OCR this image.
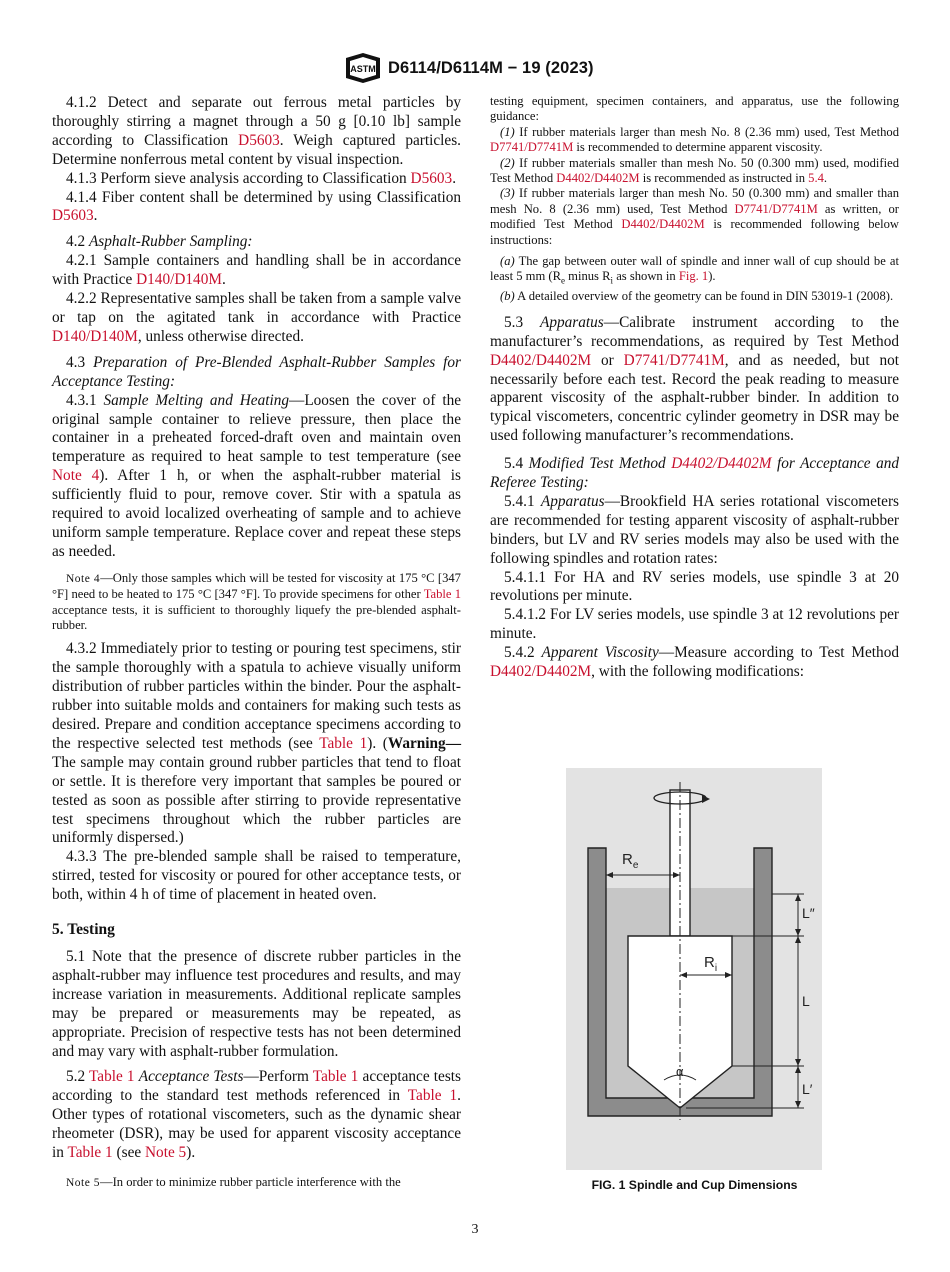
ASTM D6114/D6114M − 19 (2023)

4.1.2 Detect and separate out ferrous metal particles by thoroughly stirring a magnet through a 50 g [0.10 lb] sample according to Classification D5603. Weigh captured particles. Determine nonferrous metal content by visual inspection.

4.1.3 Perform sieve analysis according to Classification D5603.

4.1.4 Fiber content shall be determined by using Classification D5603.

4.2 Asphalt-Rubber Sampling:

4.2.1 Sample containers and handling shall be in accordance with Practice D140/D140M.

4.2.2 Representative samples shall be taken from a sample valve or tap on the agitated tank in accordance with Practice D140/D140M, unless otherwise directed.

4.3 Preparation of Pre-Blended Asphalt-Rubber Samples for Acceptance Testing:

4.3.1 Sample Melting and Heating—Loosen the cover of the original sample container to relieve pressure, then place the container in a preheated forced-draft oven and maintain oven temperature as required to heat sample to test temperature (see Note 4). After 1 h, or when the asphalt-rubber material is sufficiently fluid to pour, remove cover. Stir with a spatula as required to avoid localized overheating of sample and to achieve uniform sample temperature. Replace cover and repeat these steps as needed.

Note 4—Only those samples which will be tested for viscosity at 175 °C [347 °F] need to be heated to 175 °C [347 °F]. To provide specimens for other Table 1 acceptance tests, it is sufficient to thoroughly liquefy the pre-blended asphalt-rubber.

4.3.2 Immediately prior to testing or pouring test specimens, stir the sample thoroughly with a spatula to achieve visually uniform distribution of rubber particles within the binder. Pour the asphalt-rubber into suitable molds and containers for making such tests as desired. Prepare and condition acceptance specimens according to the respective selected test methods (see Table 1). (Warning—The sample may contain ground rubber particles that tend to float or settle. It is therefore very important that samples be poured or tested as soon as possible after stirring to provide representative test specimens throughout which the rubber particles are uniformly dispersed.)

4.3.3 The pre-blended sample shall be raised to temperature, stirred, tested for viscosity or poured for other acceptance tests, or both, within 4 h of time of placement in heated oven.

5. Testing

5.1 Note that the presence of discrete rubber particles in the asphalt-rubber may influence test procedures and results, and may increase variation in measurements. Additional replicate samples may be prepared or measurements may be repeated, as appropriate. Precision of respective tests has not been determined and may vary with asphalt-rubber formulation.

5.2 Table 1 Acceptance Tests—Perform Table 1 acceptance tests according to the standard test methods referenced in Table 1. Other types of rotational viscometers, such as the dynamic shear rheometer (DSR), may be used for apparent viscosity acceptance in Table 1 (see Note 5).

Note 5—In order to minimize rubber particle interference with the

testing equipment, specimen containers, and apparatus, use the following guidance:

(1) If rubber materials larger than mesh No. 8 (2.36 mm) used, Test Method D7741/D7741M is recommended to determine apparent viscosity.

(2) If rubber materials smaller than mesh No. 50 (0.300 mm) used, modified Test Method D4402/D4402M is recommended as instructed in 5.4.

(3) If rubber materials larger than mesh No. 50 (0.300 mm) and smaller than mesh No. 8 (2.36 mm) used, Test Method D7741/D7741M as written, or modified Test Method D4402/D4402M is recommended following below instructions:

(a) The gap between outer wall of spindle and inner wall of cup should be at least 5 mm ($R_e$ minus $R_i$ as shown in Fig. 1).

(b) A detailed overview of the geometry can be found in DIN 53019-1 (2008).

5.3 Apparatus—Calibrate instrument according to the manufacturer’s recommendations, as required by Test Method D4402/D4402M or D7741/D7741M, and as needed, but not necessarily before each test. Record the peak reading to measure apparent viscosity of the asphalt-rubber binder. In addition to typical viscometers, concentric cylinder geometry in DSR may be used following manufacturer’s recommendations.

5.4 Modified Test Method D4402/D4402M for Acceptance and Referee Testing:

5.4.1 Apparatus—Brookfield HA series rotational viscometers are recommended for testing apparent viscosity of asphalt-rubber binders, but LV and RV series models may also be used with the following spindles and rotation rates:

5.4.1.1 For HA and RV series models, use spindle 3 at 20 revolutions per minute.

5.4.1.2 For LV series models, use spindle 3 at 12 revolutions per minute.

5.4.2 Apparent Viscosity—Measure according to Test Method D4402/D4402M, with the following modifications:

$R_e$
$R_i$
L″
L
L′
α
FIG. 1 Spindle and Cup Dimensions
3
